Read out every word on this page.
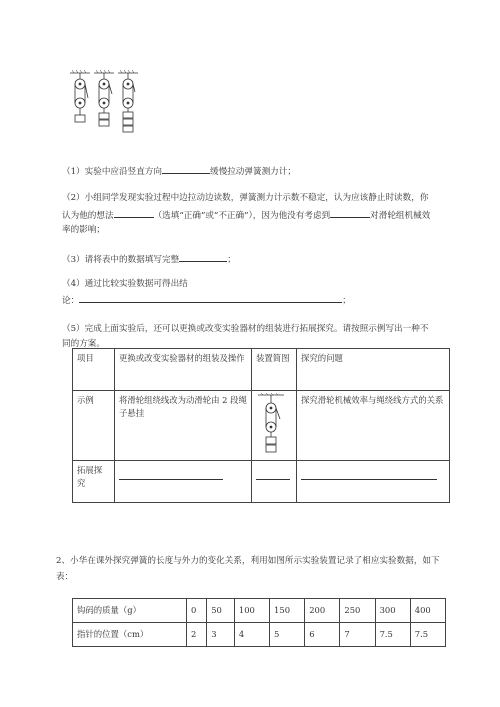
（1）实验中应沿竖直方向	缓慢拉动弹簧测力计；
（2）小组同学发现实验过程中边拉动边读数，弹簧测力计示数不稳定，认为应该静止时读数，你
认为他的想法	（选填“正确”或“不正确”），因为他没有考虑到	对滑轮组机械效
率的影响；
（3）请将表中的数据填写完整	；
（4）通过比较实验数据可得出结
论：	；
（5）完成上面实验后，还可以更换或改变实验器材的组装进行拓展探究。请按照示例写出一种不
同的方案。
项目	更换或改变实验器材的组装及操作	装置简图	探究的问题
示例	将滑轮组绕线改为动滑轮由 2 段绳子悬挂		探究滑轮机械效率与绳绕线方式的关系
拓展探究			
2、小华在课外探究弹簧的长度与外力的变化关系，利用如图所示实验装置记录了相应实验数据，如下
表：
钩码的质量（g）	0	50	100	150	200	250	300	400
指针的位置（cm）	2	3	4	5	6	7	7.5	7.5
